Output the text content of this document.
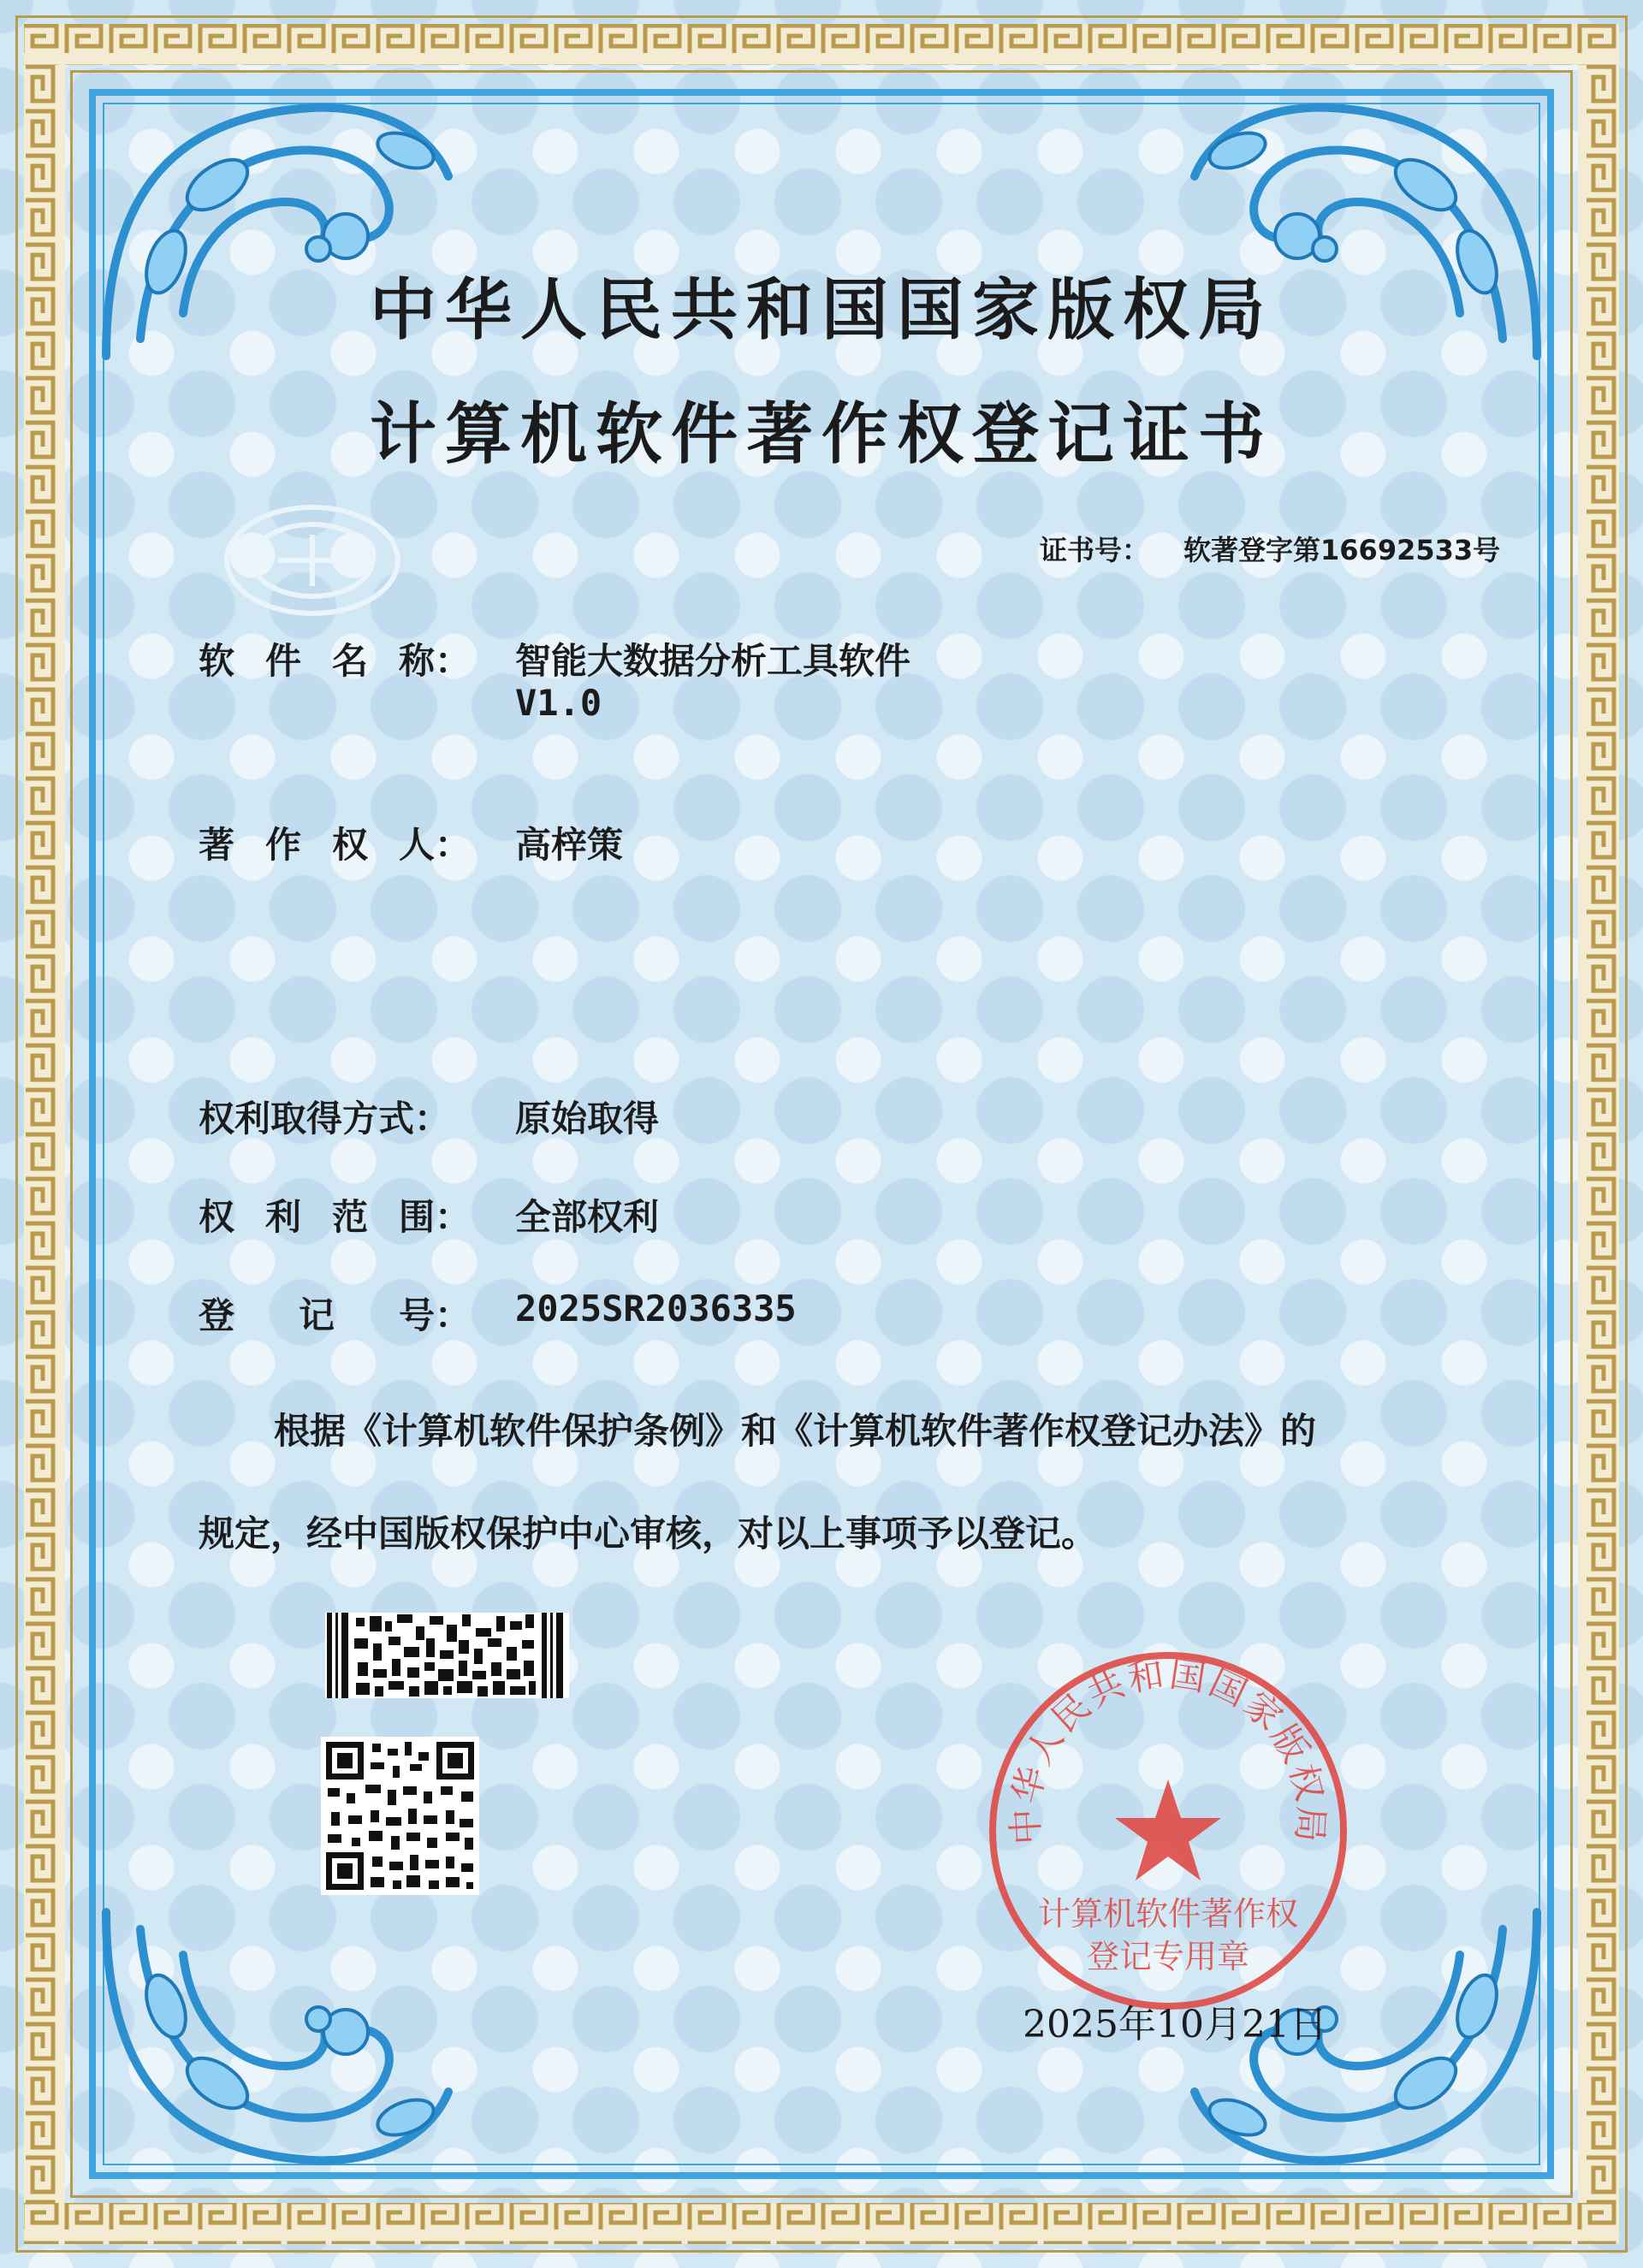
中华人民共和国国家版权局
计算机软件著作权登记证书
证书号： 软著登字第16692533号
软 件 名 称： 智能大数据分析工具软件
V1.0
著 作 权 人： 高梓策
权利取得方式：	原始取得
权 利 范 围： 全部权利
登 记 号： 2025SR2036335
根据《计算机软件保护条例》和《计算机软件著作权登记办法》的
规定，经中国版权保护中心审核，对以上事项予以登记。
中华人民共和国国家版权局
计算机软件著作权
登记专用章
2025年10月21日
